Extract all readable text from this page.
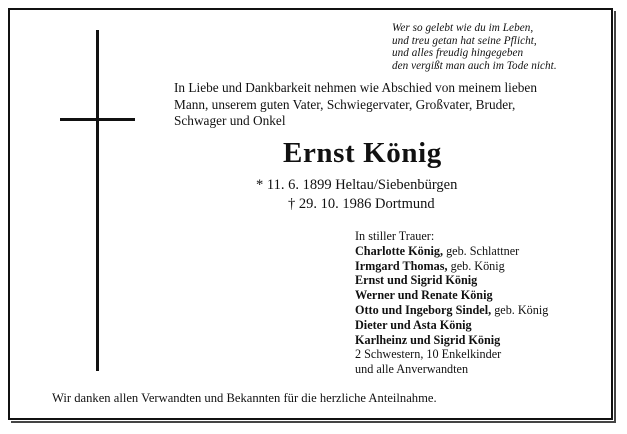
Wer so gelebt wie du im Leben,
und treu getan hat seine Pflicht,
und alles freudig hingegeben
den vergißt man auch im Tode nicht.
In Liebe und Dankbarkeit nehmen wie Abschied von meinem lieben
Mann, unserem guten Vater, Schwiegervater, Großvater, Bruder,
Schwager und Onkel
Ernst König
* 11. 6. 1899 Heltau/Siebenbürgen
† 29. 10. 1986 Dortmund
In stiller Trauer:
Charlotte König, geb. Schlattner
Irmgard Thomas, geb. König
Ernst und Sigrid König
Werner und Renate König
Otto und Ingeborg Sindel, geb. König
Dieter und Asta König
Karlheinz und Sigrid König
2 Schwestern, 10 Enkelkinder
und alle Anverwandten
Wir danken allen Verwandten und Bekannten für die herzliche Anteilnahme.
